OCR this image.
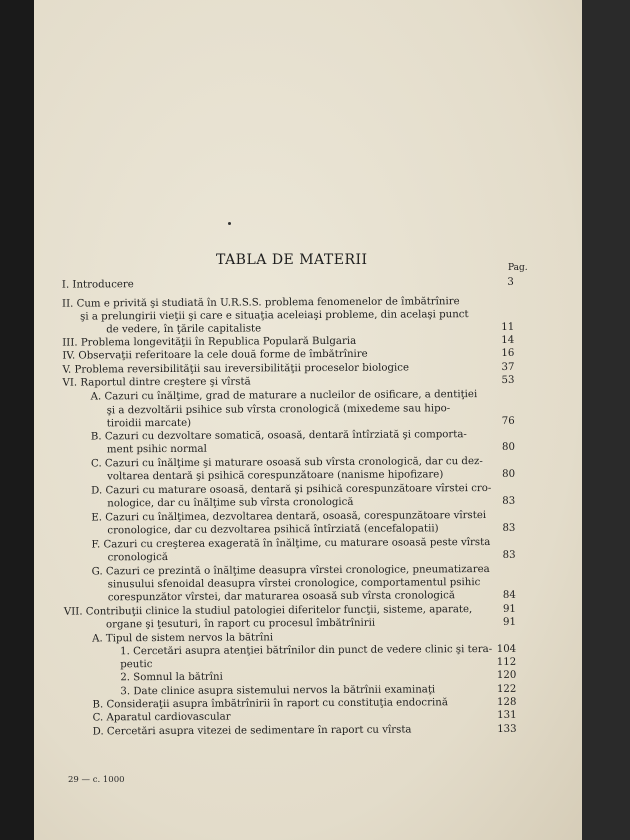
TABLA DE MATERII	Pag.
I. Introducere	3
II. Cum e privită şi studiată în U.R.S.S. problema fenomenelor de îmbătrînire
şi a prelungirii vieţii şi care e situaţia aceleiaşi probleme, din acelaşi punct
de vedere, în ţările capitaliste	11
III. Problema longevităţii în Republica Populară Bulgaria	14
IV. Observaţii referitoare la cele două forme de îmbătrînire	16
V. Problema reversibilităţii sau ireversibilităţii proceselor biologice	37
VI. Raportul dintre creştere şi vîrstă	53
A. Cazuri cu înălţime, grad de maturare a nucleilor de osificare, a dentiţiei
şi a dezvoltării psihice sub vîrsta cronologică (mixedeme sau hipo-
tiroidii marcate)	76
B. Cazuri cu dezvoltare somatică, osoasă, dentară întîrziată şi comporta-
ment psihic normal	80
C. Cazuri cu înălţime şi maturare osoasă sub vîrsta cronologică, dar cu dez-
voltarea dentară şi psihică corespunzătoare (nanisme hipofizare)	80
D. Cazuri cu maturare osoasă, dentară şi psihică corespunzătoare vîrstei cro-
nologice, dar cu înălţime sub vîrsta cronologică	83
E. Cazuri cu înălţimea, dezvoltarea dentară, osoasă, corespunzătoare vîrstei
cronologice, dar cu dezvoltarea psihică întîrziată (encefalopatii)	83
F. Cazuri cu creşterea exagerată în înălţime, cu maturare osoasă peste vîrsta
cronologică	83
G. Cazuri ce prezintă o înălţime deasupra vîrstei cronologice, pneumatizarea
sinusului sfenoidal deasupra vîrstei cronologice, comportamentul psihic
corespunzător vîrstei, dar maturarea osoasă sub vîrsta cronologică	84
VII. Contribuţii clinice la studiul patologiei diferitelor funcţii, sisteme, aparate,	91
organe şi ţesuturi, în raport cu procesul îmbătrînirii	91
A. Tipul de sistem nervos la bătrîni
1. Cercetări asupra atenţiei bătrînilor din punct de vedere clinic şi tera- 104
peutic	112
2. Somnul la bătrîni	120
3. Date clinice asupra sistemului nervos la bătrînii examinaţi	122
B. Consideraţii asupra îmbătrînirii în raport cu constituţia endocrină	128
C. Aparatul cardiovascular	131
D. Cercetări asupra vitezei de sedimentare în raport cu vîrsta	133
29 — c. 1000
